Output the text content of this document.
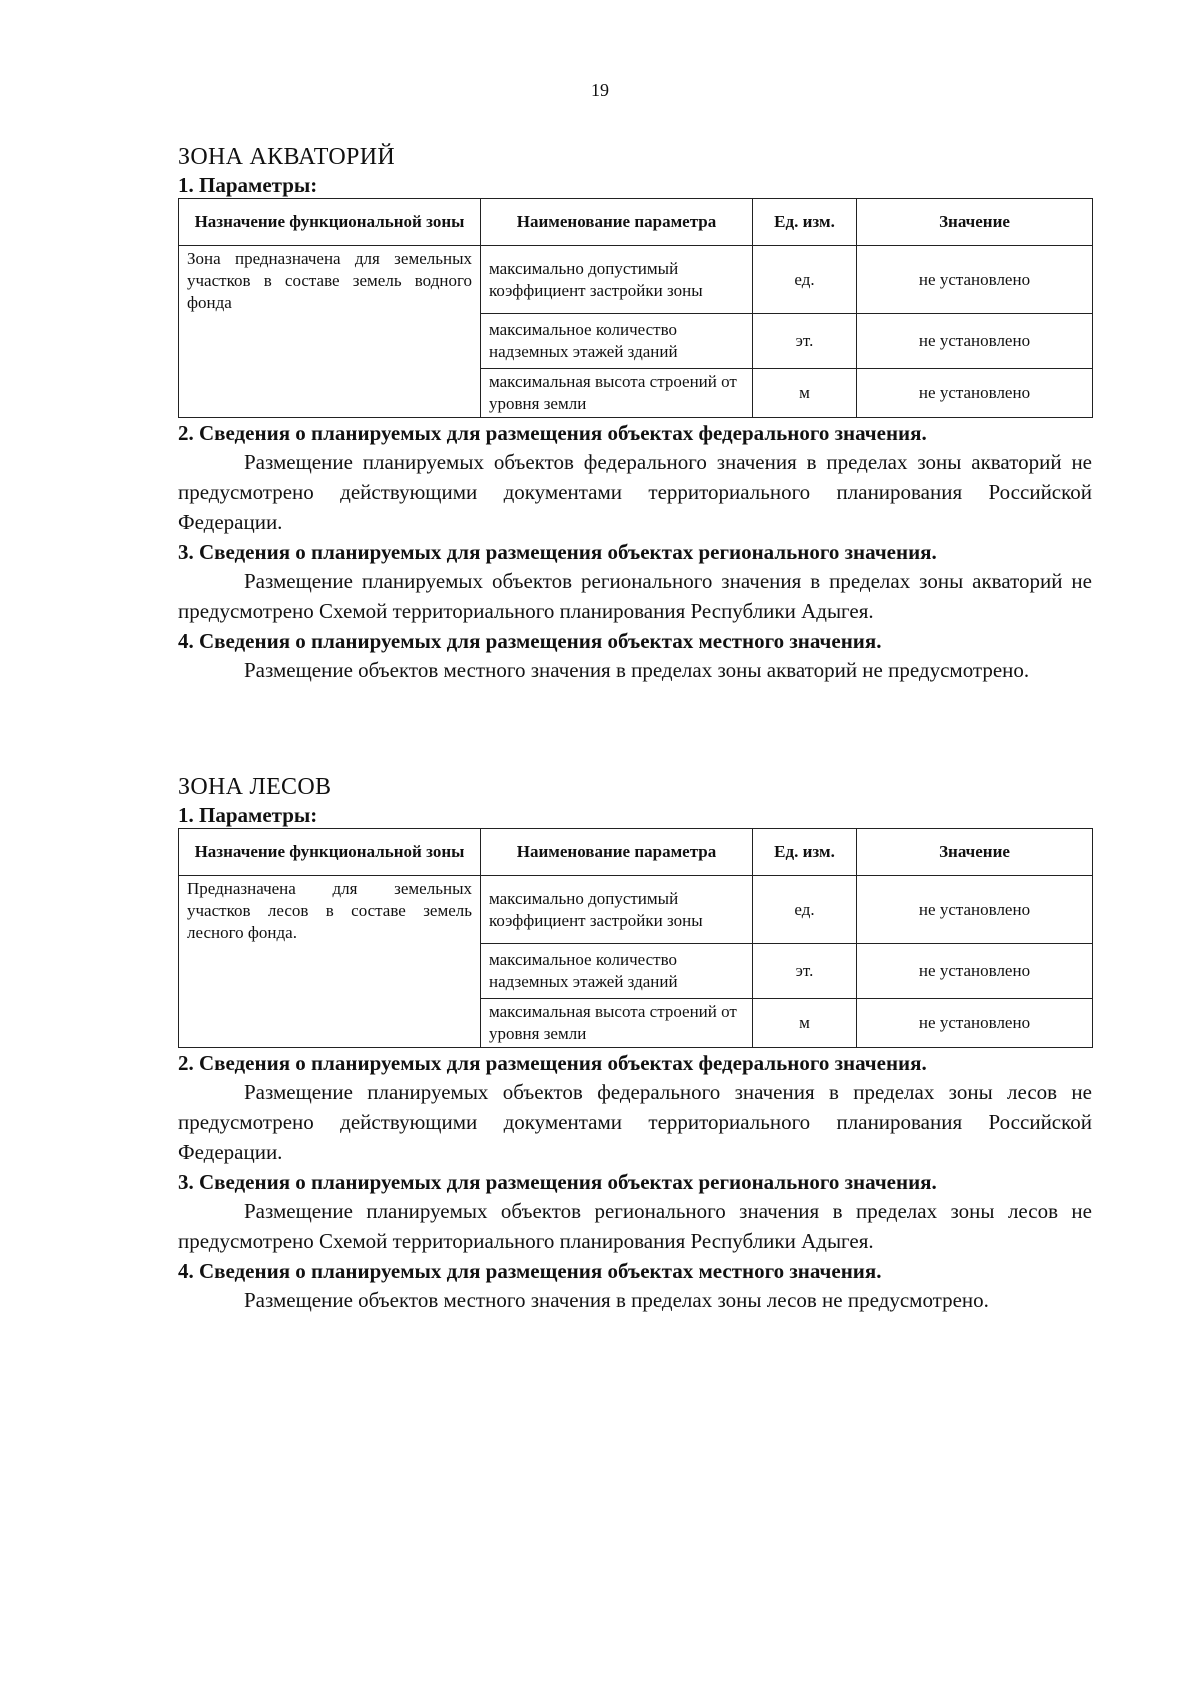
19
ЗОНА АКВАТОРИЙ
1. Параметры:
Назначение функциональной зоны	Наименование параметра	Ед. изм.	Значение
Зона предназначена для земельных участков в составе земель водного фонда	максимально допустимый коэффициент застройки зоны	ед.	не установлено
	максимальное количество надземных этажей зданий	эт.	не установлено
	максимальная высота строений от уровня земли	м	не установлено
2. Сведения о планируемых для размещения объектах федерального значения.

Размещение планируемых объектов федерального значения в пределах зоны акваторий не предусмотрено действующими документами территориального планирования Российской Федерации.

3. Сведения о планируемых для размещения объектах регионального значения.

Размещение планируемых объектов регионального значения в пределах зоны акваторий не предусмотрено Схемой территориального планирования Республики Адыгея.

4. Сведения о планируемых для размещения объектах местного значения.

Размещение объектов местного значения в пределах зоны акваторий не предусмотрено.

ЗОНА ЛЕСОВ
1. Параметры:
Назначение функциональной зоны	Наименование параметра	Ед. изм.	Значение
Предназначена для земельных участков лесов в составе земель лесного фонда.	максимально допустимый коэффициент застройки зоны	ед.	не установлено
	максимальное количество надземных этажей зданий	эт.	не установлено
	максимальная высота строений от уровня земли	м	не установлено
2. Сведения о планируемых для размещения объектах федерального значения.

Размещение планируемых объектов федерального значения в пределах зоны лесов не предусмотрено действующими документами территориального планирования Российской Федерации.

3. Сведения о планируемых для размещения объектах регионального значения.

Размещение планируемых объектов регионального значения в пределах зоны лесов не предусмотрено Схемой территориального планирования Республики Адыгея.

4. Сведения о планируемых для размещения объектах местного значения.

Размещение объектов местного значения в пределах зоны лесов не предусмотрено.
